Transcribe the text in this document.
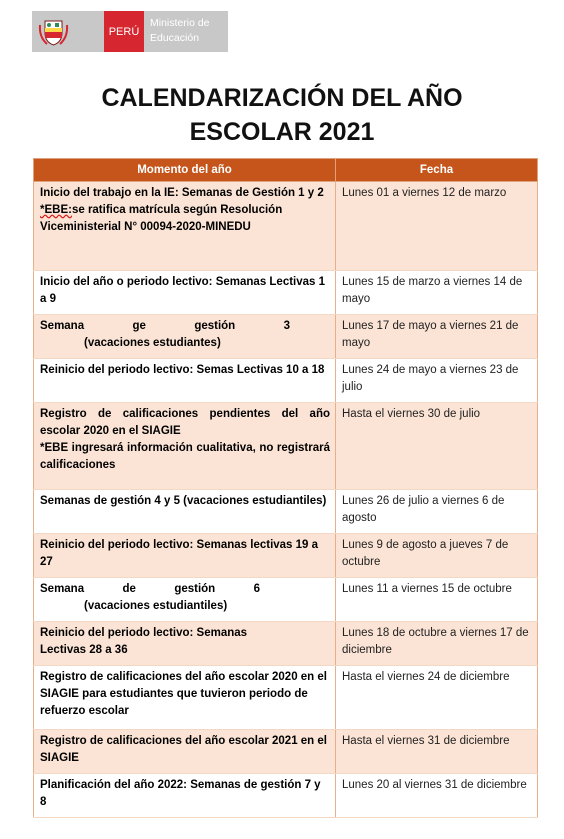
PERÚ
Ministerio de
Educación
CALENDARIZACIÓN DEL AÑO
ESCOLAR 2021
Momento del año	Fecha

Inicio del trabajo en la IE: Semanas de Gestión 1 y 2
*EBE:se ratifica matrícula según Resolución Viceministerial N° 00094-2020-MINEDU	Lunes 01 a viernes 12 de marzo
Inicio del año o periodo lectivo: Semanas Lectivas 1 a 9	Lunes 15 de marzo a viernes 14 de mayo

Semana ge gestión 3
(vacaciones estudiantes)	Lunes 17 de mayo a viernes 21 de mayo
Reinicio del periodo lectivo: Semas Lectivas 10 a 18	Lunes 24 de mayo a viernes 23 de julio

Registro de calificaciones pendientes del año escolar 2020 en el SIAGIE
*EBE ingresará información cualitativa, no registrará calificaciones	Hasta el viernes 30 de julio
Semanas de gestión 4 y 5 (vacaciones estudiantiles)	Lunes 26 de julio a viernes 6 de agosto
Reinicio del periodo lectivo: Semanas lectivas 19 a 27	Lunes 9 de agosto a jueves 7 de octubre

Semana de gestión 6
(vacaciones estudiantiles)	Lunes 11 a viernes 15 de octubre

Reinicio del periodo lectivo: Semanas Lectivas 28 a 36	Lunes 18 de octubre a viernes 17 de diciembre
Registro de calificaciones del año escolar 2020 en el SIAGIE para estudiantes que tuvieron periodo de refuerzo escolar	Hasta el viernes 24 de diciembre
Registro de calificaciones del año escolar 2021 en el SIAGIE	Hasta el viernes 31 de diciembre
Planificación del año 2022: Semanas de gestión 7 y 8	Lunes 20 al viernes 31 de diciembre
